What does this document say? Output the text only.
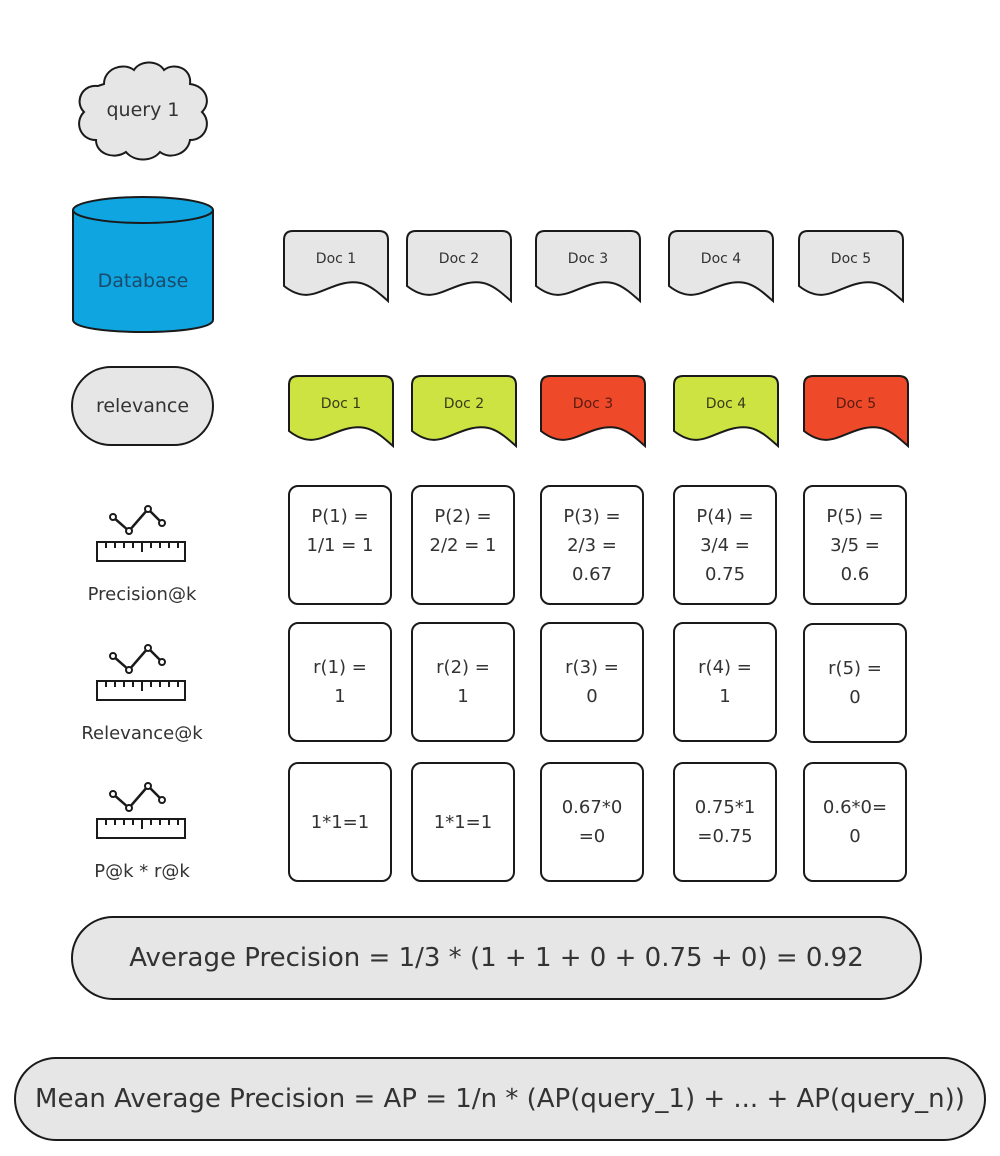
query 1
Database
relevance
Doc 1	Doc 2	Doc 3	Doc 4	Doc 5
Doc 1	Doc 2	Doc 3	Doc 4	Doc 5
Precision@k
Relevance@k
P@k * r@k
P(1) =
1/1 = 1
P(2) =
2/2 = 1
P(3) =
2/3 =
0.67
P(4) =
3/4 =
0.75
P(5) =
3/5 =
0.6
r(1) =
1
r(2) =
1
r(3) =
0
r(4) =
1
r(5) =
0
1*1=1	1*1=1
0.67*0
=0
0.75*1
=0.75
0.6*0=
0
Average Precision = 1/3 * (1 + 1 + 0 + 0.75 + 0) = 0.92
Mean Average Precision = AP = 1/n * (AP(query_1) + ... + AP(query_n))
